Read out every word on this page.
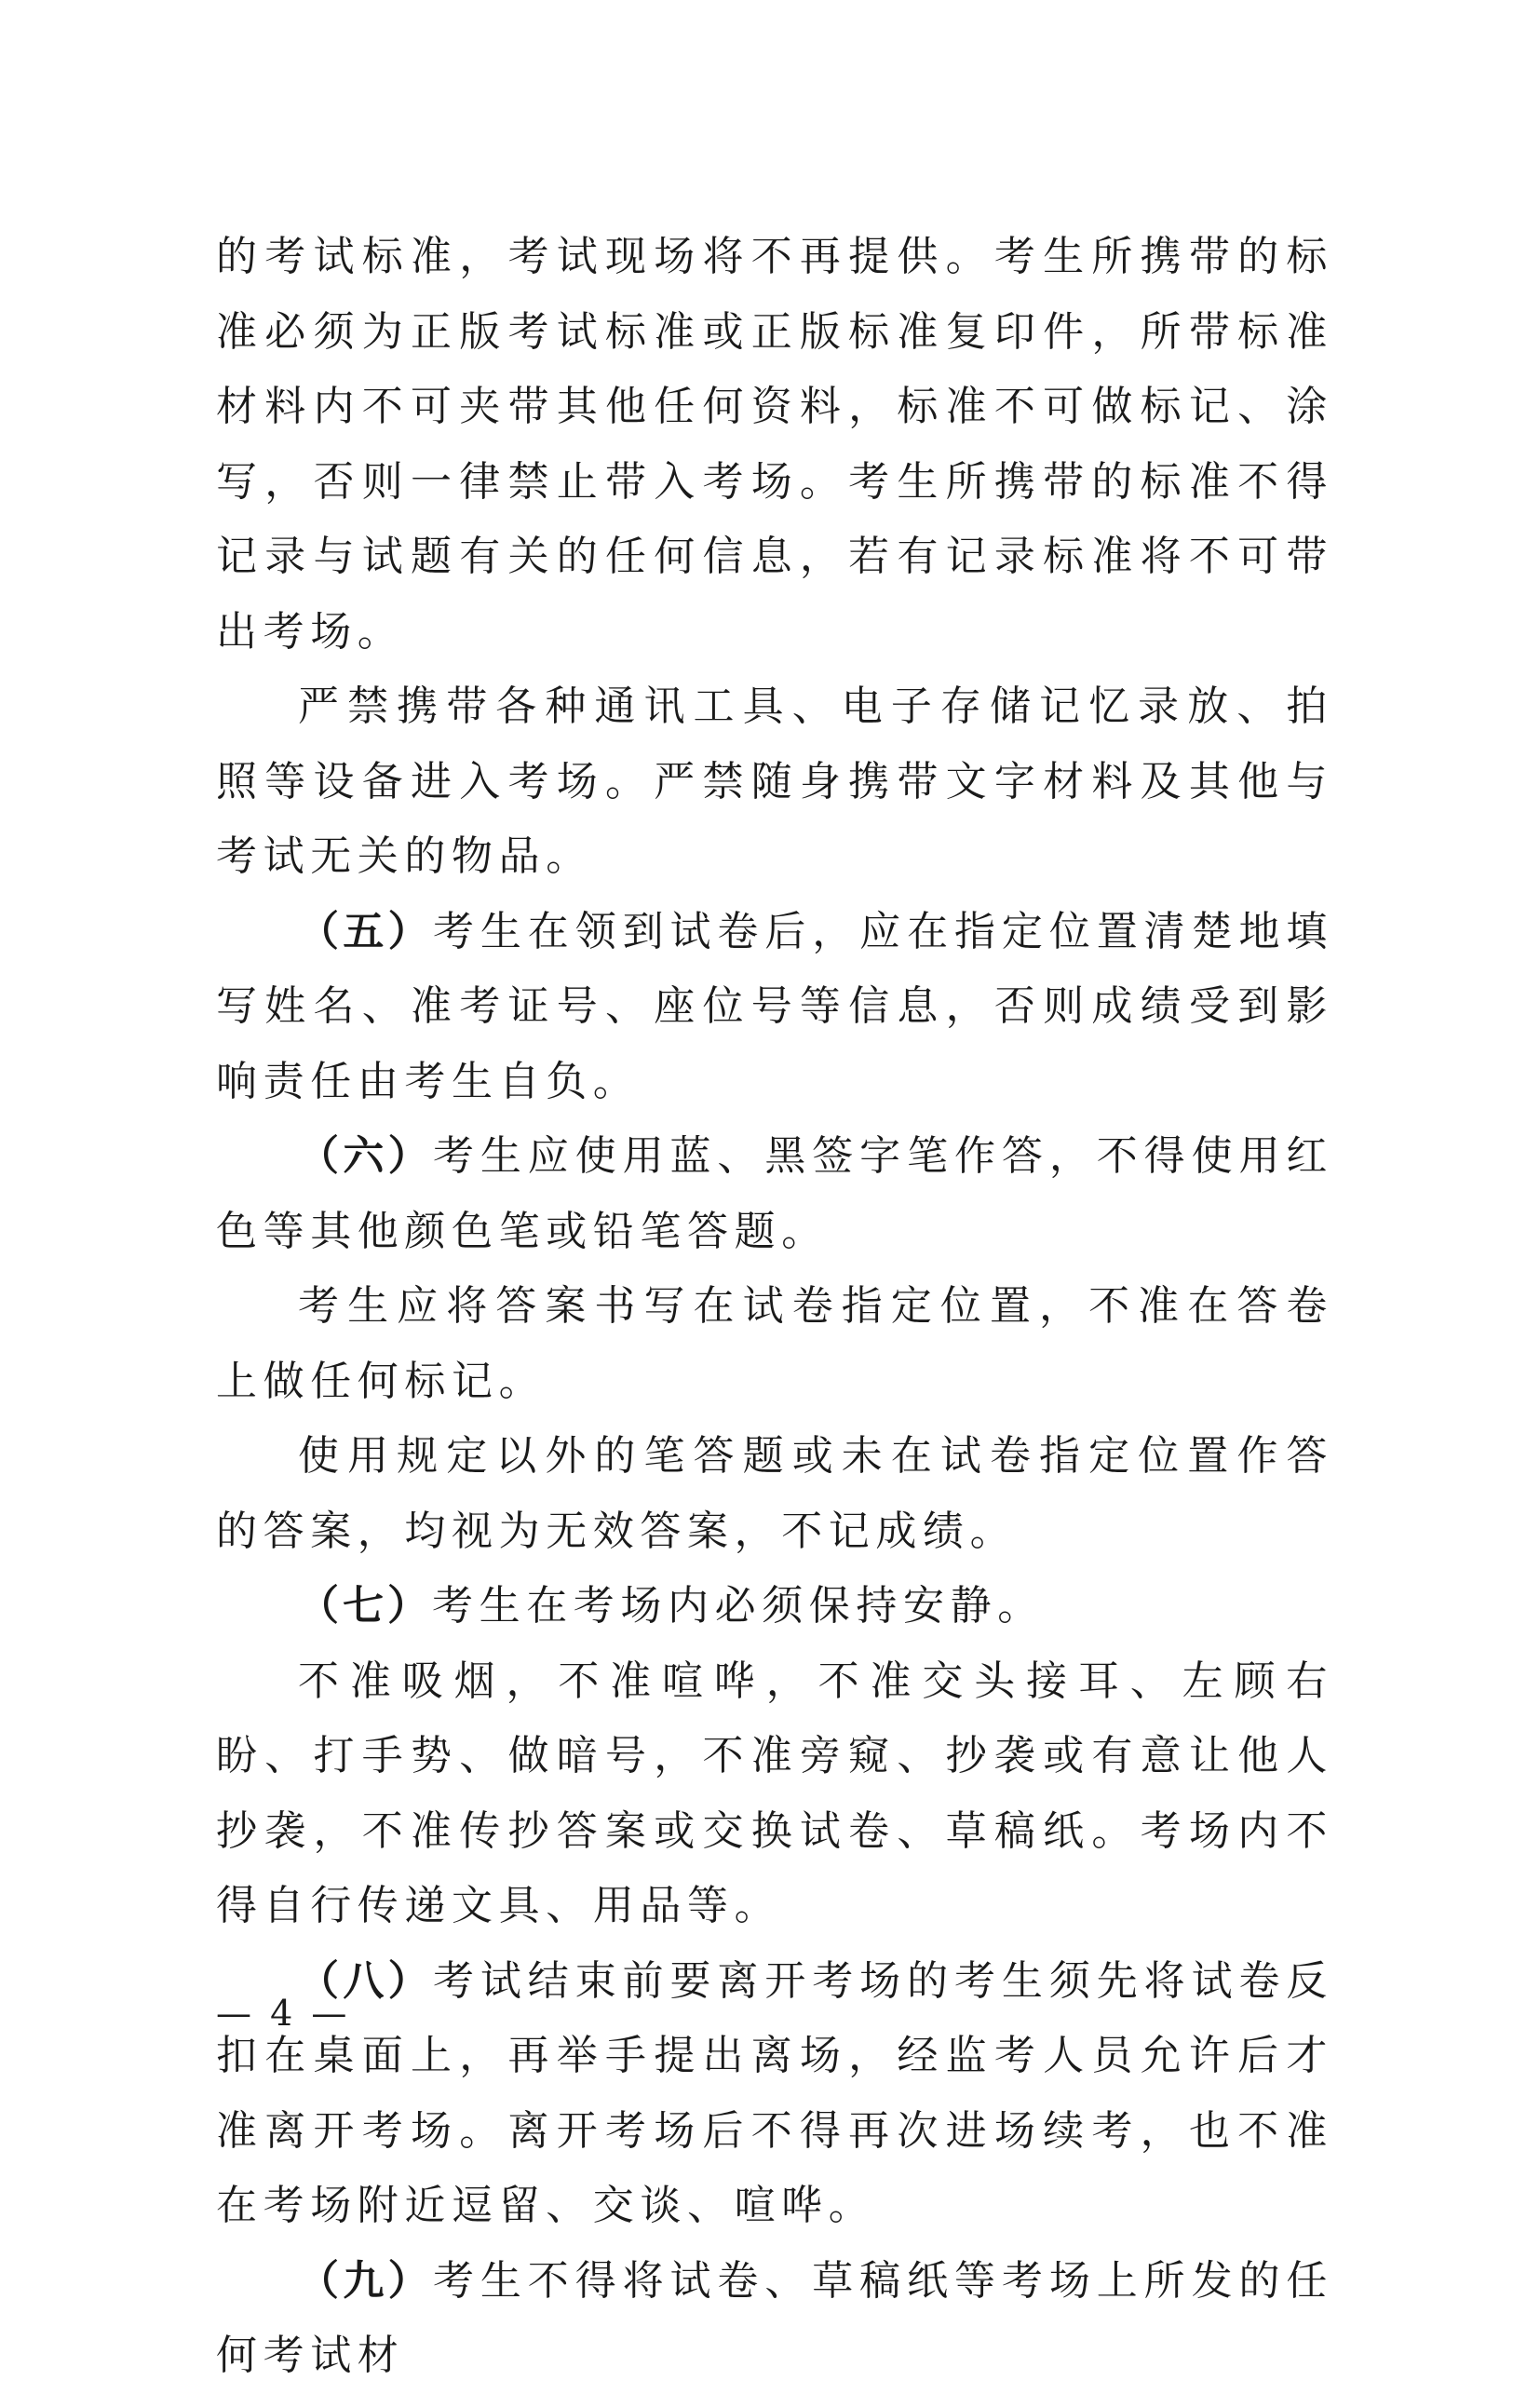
的考试标准，考试现场将不再提供。考生所携带的标准必须为正版考试标准或正版标准复印件，所带标准材料内不可夹带其他任何资料，标准不可做标记、涂写，否则一律禁止带入考场。考生所携带的标准不得记录与试题有关的任何信息，若有记录标准将不可带出考场。

严禁携带各种通讯工具、电子存储记忆录放、拍照等设备进入考场。严禁随身携带文字材料及其他与考试无关的物品。

（五）考生在领到试卷后，应在指定位置清楚地填写姓名、准考证号、座位号等信息，否则成绩受到影响责任由考生自负。

（六）考生应使用蓝、黑签字笔作答，不得使用红色等其他颜色笔或铅笔答题。

考生应将答案书写在试卷指定位置，不准在答卷上做任何标记。

使用规定以外的笔答题或未在试卷指定位置作答的答案，均视为无效答案，不记成绩。

（七）考生在考场内必须保持安静。

不准吸烟，不准喧哗，不准交头接耳、左顾右盼、打手势、做暗号，不准旁窥、抄袭或有意让他人抄袭，不准传抄答案或交换试卷、草稿纸。考场内不得自行传递文具、用品等。

（八）考试结束前要离开考场的考生须先将试卷反扣在桌面上，再举手提出离场，经监考人员允许后才准离开考场。离开考场后不得再次进场续考，也不准在考场附近逗留、交谈、喧哗。

（九）考生不得将试卷、草稿纸等考场上所发的任何考试材

— 4 —
